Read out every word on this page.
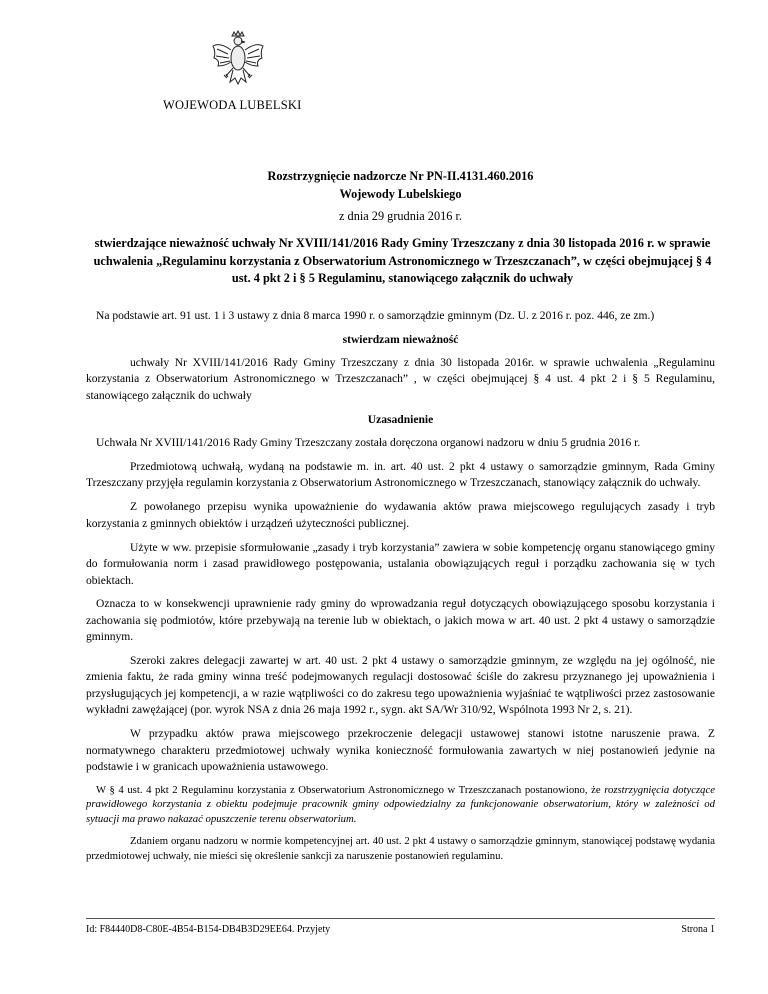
WOJEWODA LUBELSKI
Rozstrzygnięcie nadzorcze Nr PN-II.4131.460.2016
Wojewody Lubelskiego
z dnia 29 grudnia 2016 r.
stwierdzające nieważność uchwały Nr XVIII/141/2016 Rady Gminy Trzeszczany z dnia 30 listopada 2016 r. w sprawie uchwalenia „Regulaminu korzystania z Obserwatorium Astronomicznego w Trzeszczanach”, w części obejmującej § 4 ust. 4 pkt 2 i § 5 Regulaminu, stanowiącego załącznik do uchwały
Na podstawie art. 91 ust. 1 i 3 ustawy z dnia 8 marca 1990 r. o samorządzie gminnym (Dz. U. z 2016 r. poz. 446, ze zm.)
stwierdzam nieważność
uchwały Nr XVIII/141/2016 Rady Gminy Trzeszczany z dnia 30 listopada 2016r. w sprawie uchwalenia „Regulaminu korzystania z Obserwatorium Astronomicznego w Trzeszczanach” , w części obejmującej § 4 ust. 4 pkt 2 i § 5 Regulaminu, stanowiącego załącznik do uchwały
Uzasadnienie
Uchwała Nr XVIII/141/2016 Rady Gminy Trzeszczany została doręczona organowi nadzoru w dniu 5 grudnia 2016 r.
Przedmiotową uchwałą, wydaną na podstawie m. in. art. 40 ust. 2 pkt 4 ustawy o samorządzie gminnym, Rada Gminy Trzeszczany przyjęła regulamin korzystania z Obserwatorium Astronomicznego w Trzeszczanach, stanowiący załącznik do uchwały.
Z powołanego przepisu wynika upoważnienie do wydawania aktów prawa miejscowego regulujących zasady i tryb korzystania z gminnych obiektów i urządzeń użyteczności publicznej.
Użyte w ww. przepisie sformułowanie „zasady i tryb korzystania” zawiera w sobie kompetencję organu stanowiącego gminy do formułowania norm i zasad prawidłowego postępowania, ustalania obowiązujących reguł i porządku zachowania się w tych obiektach.
Oznacza to w konsekwencji uprawnienie rady gminy do wprowadzania reguł dotyczących obowiązującego sposobu korzystania i zachowania się podmiotów, które przebywają na terenie lub w obiektach, o jakich mowa w art. 40 ust. 2 pkt 4 ustawy o samorządzie gminnym.
Szeroki zakres delegacji zawartej w art. 40 ust. 2 pkt 4 ustawy o samorządzie gminnym, ze względu na jej ogólność, nie zmienia faktu, że rada gminy winna treść podejmowanych regulacji dostosować ściśle do zakresu przyznanego jej upoważnienia i przysługujących jej kompetencji, a w razie wątpliwości co do zakresu tego upoważnienia wyjaśniać te wątpliwości przez zastosowanie wykładni zawężającej (por. wyrok NSA z dnia 26 maja 1992 r., sygn. akt SA/Wr 310/92, Wspólnota 1993 Nr 2, s. 21).
W przypadku aktów prawa miejscowego przekroczenie delegacji ustawowej stanowi istotne naruszenie prawa. Z normatywnego charakteru przedmiotowej uchwały wynika konieczność formułowania zawartych w niej postanowień jedynie na podstawie i w granicach upoważnienia ustawowego.
Id: F84440D8-C80E-4B54-B154-DB4B3D29EE64. Przyjety	Strona 1
W § 4 ust. 4 pkt 2 Regulaminu korzystania z Obserwatorium Astronomicznego w Trzeszczanach postanowiono, że rozstrzygnięcia dotyczące prawidłowego korzystania z obiektu podejmuje pracownik gminy odpowiedzialny za funkcjonowanie obserwatorium, który w zależności od sytuacji ma prawo nakazać opuszczenie terenu obserwatorium.
Zdaniem organu nadzoru w normie kompetencyjnej art. 40 ust. 2 pkt 4 ustawy o samorządzie gminnym, stanowiącej podstawę wydania przedmiotowej uchwały, nie mieści się określenie sankcji za naruszenie postanowień regulaminu.
